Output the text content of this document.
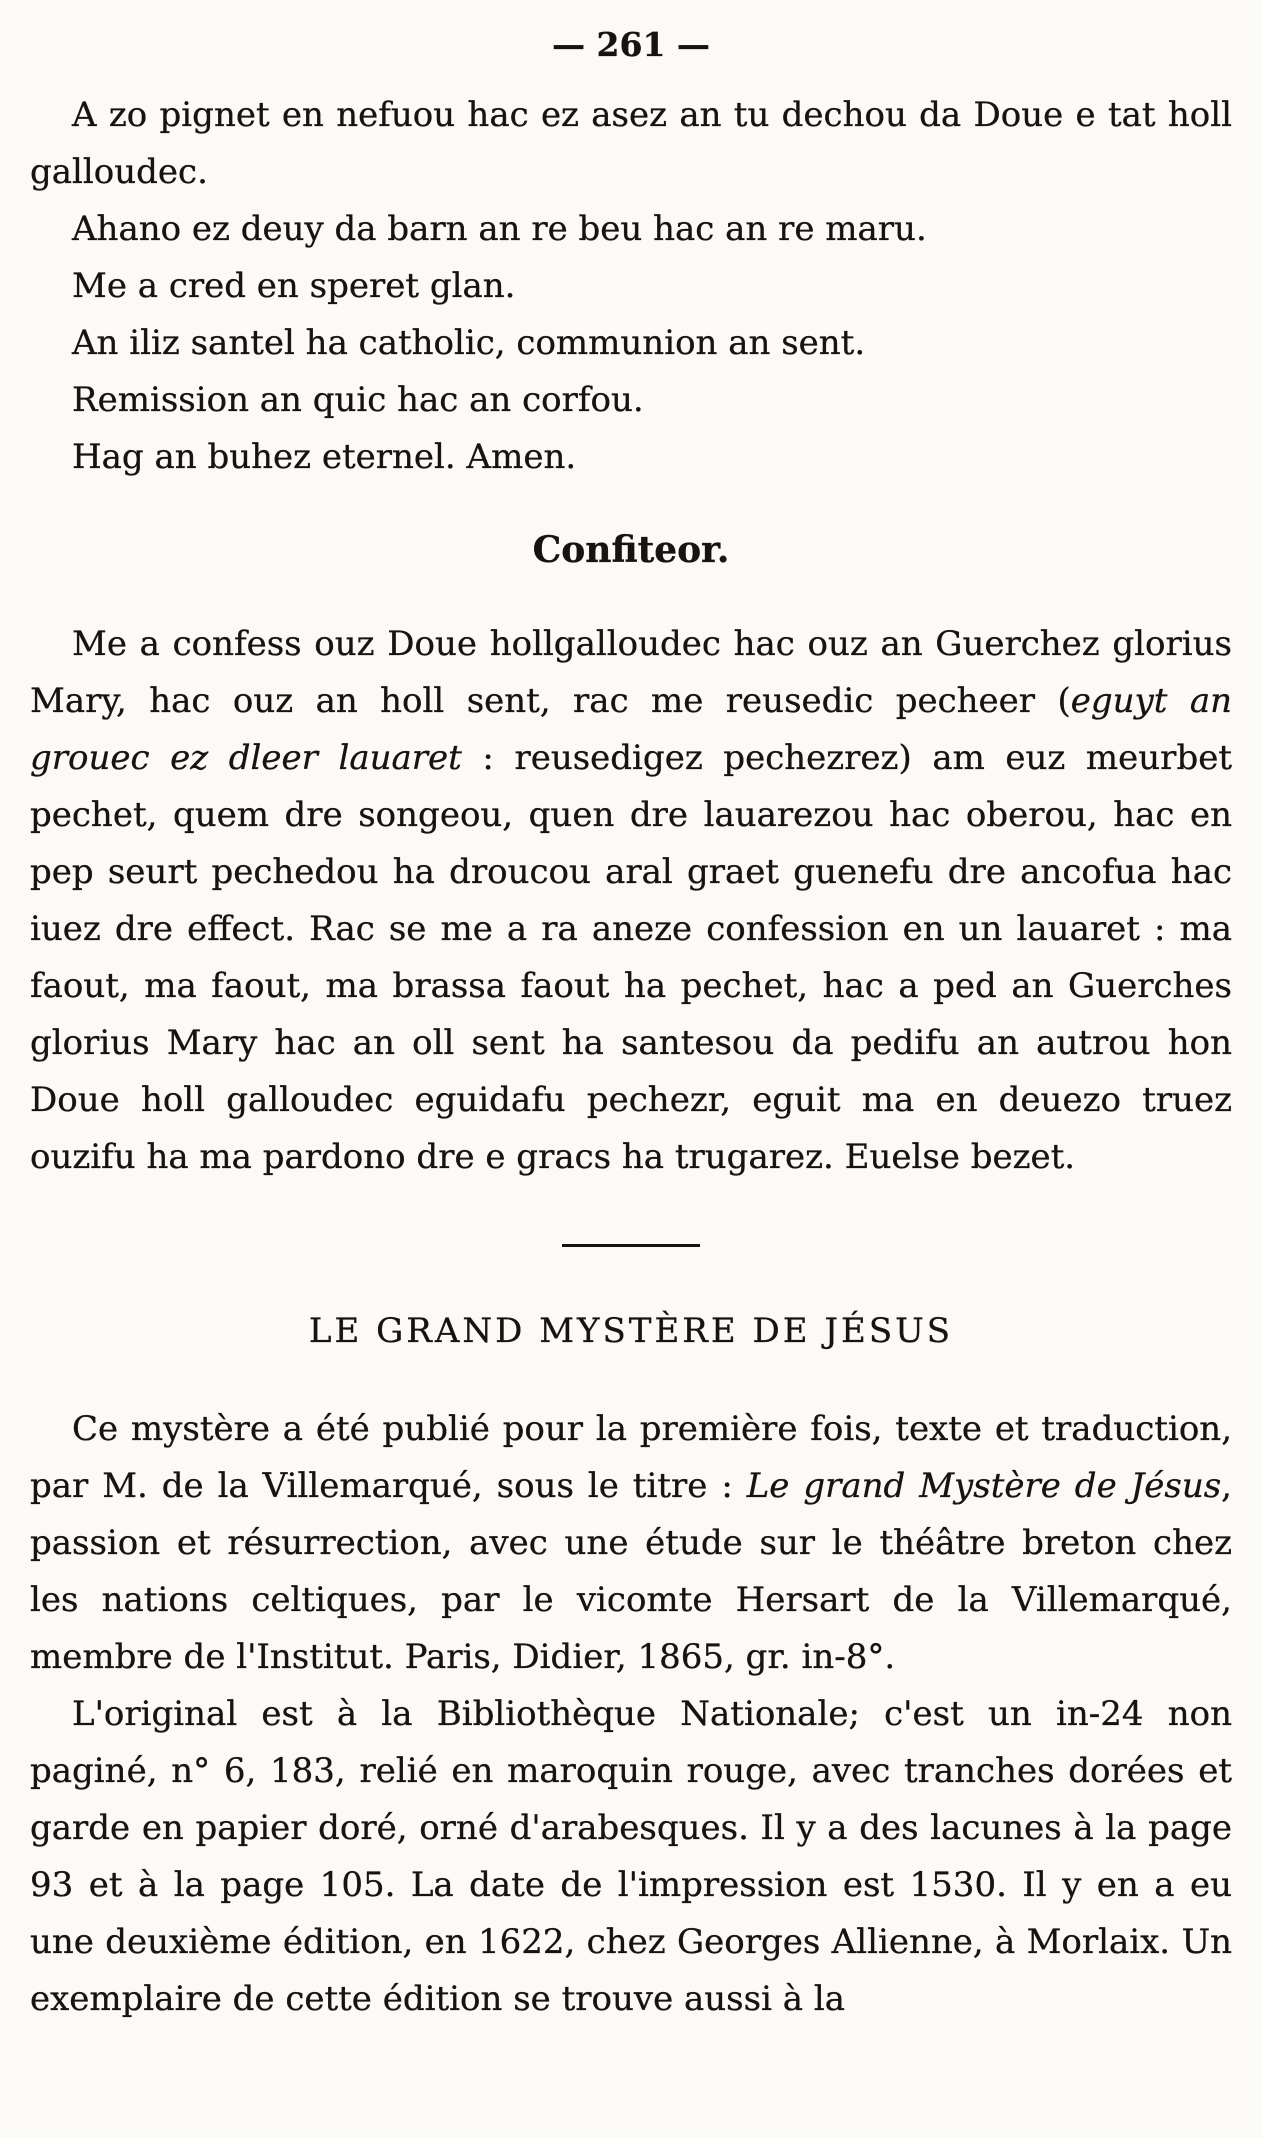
— 261 —

A zo pignet en nefuou hac ez asez an tu dechou da Doue e tat holl galloudec.

Ahano ez deuy da barn an re beu hac an re maru.

Me a cred en speret glan.

An iliz santel ha catholic, communion an sent.

Remission an quic hac an corfou.

Hag an buhez eternel. Amen.

Confiteor.

Me a confess ouz Doue hollgalloudec hac ouz an Guerchez glorius Mary, hac ouz an holl sent, rac me reusedic pecheer (eguyt an grouec ez dleer lauaret : reusedigez pechezrez) am euz meurbet pechet, quem dre songeou, quen dre lauarezou hac oberou, hac en pep seurt pechedou ha droucou aral graet guenefu dre ancofua hac iuez dre effect. Rac se me a ra aneze confession en un lauaret : ma faout, ma faout, ma brassa faout ha pechet, hac a ped an Guerches glorius Mary hac an oll sent ha santesou da pedifu an autrou hon Doue holl galloudec eguidafu pechezr, eguit ma en deuezo truez ouzifu ha ma pardono dre e gracs ha trugarez. Euelse bezet.

LE GRAND MYSTÈRE DE JÉSUS

Ce mystère a été publié pour la première fois, texte et traduction, par M. de la Villemarqué, sous le titre : Le grand Mystère de Jésus, passion et résurrection, avec une étude sur le théâtre breton chez les nations celtiques, par le vicomte Hersart de la Villemarqué, membre de l'Institut. Paris, Didier, 1865, gr. in-8°.

L'original est à la Bibliothèque Nationale; c'est un in-24 non paginé, n° 6, 183, relié en maroquin rouge, avec tranches dorées et garde en papier doré, orné d'arabesques. Il y a des lacunes à la page 93 et à la page 105. La date de l'impression est 1530. Il y en a eu une deuxième édition, en 1622, chez Georges Allienne, à Morlaix. Un exemplaire de cette édition se trouve aussi à la
